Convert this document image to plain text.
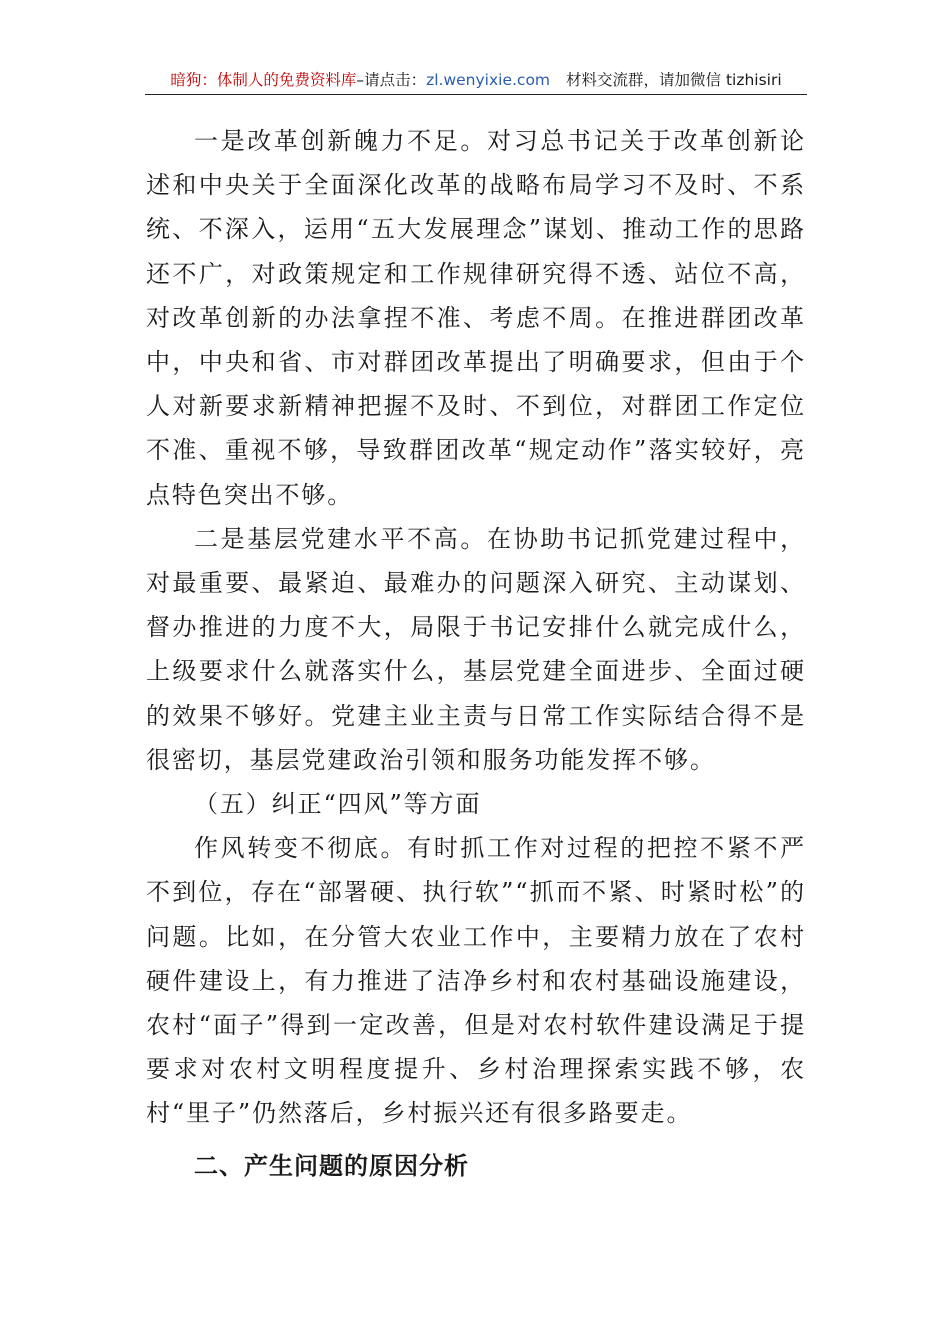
暗狗：体制人的免费资料库–请点击：zl.wenyixie.com 材料交流群，请加微信 tizhisiri

一是改革创新魄力不足。对习总书记关于改革创新论述和中央关于全面深化改革的战略布局学习不及时、不系统、不深入，运用“五大发展理念”谋划、推动工作的思路还不广，对政策规定和工作规律研究得不透、站位不高，对改革创新的办法拿捏不准、考虑不周。在推进群团改革中，中央和省、市对群团改革提出了明确要求，但由于个人对新要求新精神把握不及时、不到位，对群团工作定位不准、重视不够，导致群团改革“规定动作”落实较好，亮点特色突出不够。

二是基层党建水平不高。在协助书记抓党建过程中，对最重要、最紧迫、最难办的问题深入研究、主动谋划、督办推进的力度不大，局限于书记安排什么就完成什么，上级要求什么就落实什么，基层党建全面进步、全面过硬的效果不够好。党建主业主责与日常工作实际结合得不是很密切，基层党建政治引领和服务功能发挥不够。

（五）纠正“四风”等方面

作风转变不彻底。有时抓工作对过程的把控不紧不严不到位，存在“部署硬、执行软”“抓而不紧、时紧时松”的问题。比如，在分管大农业工作中，主要精力放在了农村硬件建设上，有力推进了洁净乡村和农村基础设施建设，农村“面子”得到一定改善，但是对农村软件建设满足于提要求对农村文明程度提升、乡村治理探索实践不够，农村“里子”仍然落后，乡村振兴还有很多路要走。

二、产生问题的原因分析
